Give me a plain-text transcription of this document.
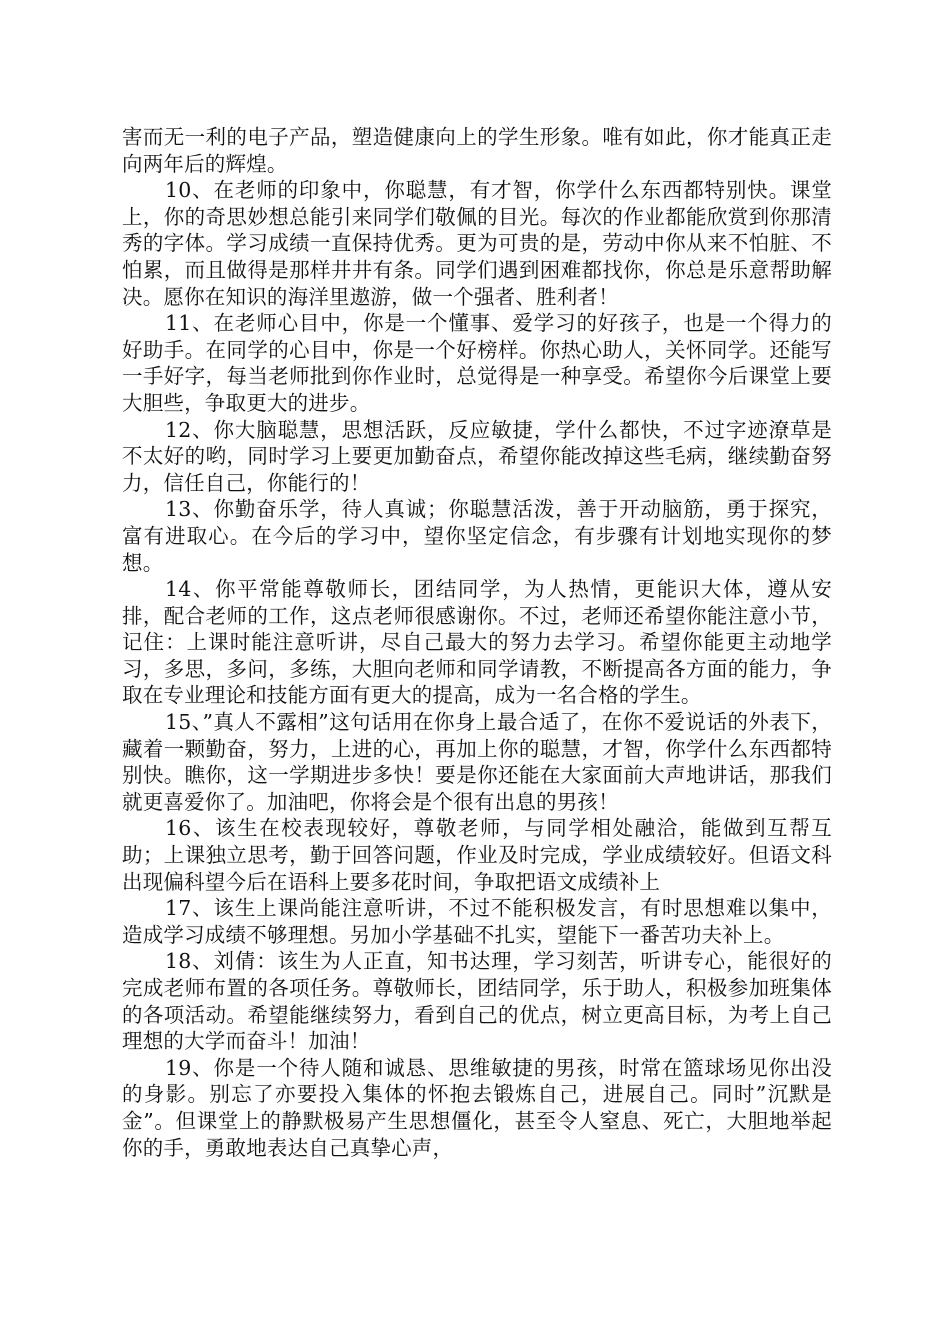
害而无一利的电子产品，塑造健康向上的学生形象。唯有如此，你才能真正走向两年后的辉煌。

10、在老师的印象中，你聪慧，有才智，你学什么东西都特别快。课堂上，你的奇思妙想总能引来同学们敬佩的目光。每次的作业都能欣赏到你那清秀的字体。学习成绩一直保持优秀。更为可贵的是，劳动中你从来不怕脏、不怕累，而且做得是那样井井有条。同学们遇到困难都找你，你总是乐意帮助解决。愿你在知识的海洋里遨游，做一个强者、胜利者！

11、在老师心目中，你是一个懂事、爱学习的好孩子，也是一个得力的好助手。在同学的心目中，你是一个好榜样。你热心助人，关怀同学。还能写一手好字，每当老师批到你作业时，总觉得是一种享受。希望你今后课堂上要大胆些，争取更大的进步。

12、你大脑聪慧，思想活跃，反应敏捷，学什么都快，不过字迹潦草是不太好的哟，同时学习上要更加勤奋点，希望你能改掉这些毛病，继续勤奋努力，信任自己，你能行的！

13、你勤奋乐学，待人真诚；你聪慧活泼，善于开动脑筋，勇于探究，富有进取心。在今后的学习中，望你坚定信念，有步骤有计划地实现你的梦想。

14、你平常能尊敬师长，团结同学，为人热情，更能识大体，遵从安排，配合老师的工作，这点老师很感谢你。不过，老师还希望你能注意小节，记住：上课时能注意听讲，尽自己最大的努力去学习。希望你能更主动地学习，多思，多问，多练，大胆向老师和同学请教，不断提高各方面的能力，争取在专业理论和技能方面有更大的提高，成为一名合格的学生。

15、”真人不露相”这句话用在你身上最合适了，在你不爱说话的外表下，藏着一颗勤奋，努力，上进的心，再加上你的聪慧，才智，你学什么东西都特别快。瞧你，这一学期进步多快！要是你还能在大家面前大声地讲话，那我们就更喜爱你了。加油吧，你将会是个很有出息的男孩！

16、该生在校表现较好，尊敬老师，与同学相处融洽，能做到互帮互助；上课独立思考，勤于回答问题，作业及时完成，学业成绩较好。但语文科出现偏科望今后在语科上要多花时间，争取把语文成绩补上

17、该生上课尚能注意听讲，不过不能积极发言，有时思想难以集中，造成学习成绩不够理想。另加小学基础不扎实，望能下一番苦功夫补上。

18、刘倩：该生为人正直，知书达理，学习刻苦，听讲专心，能很好的完成老师布置的各项任务。尊敬师长，团结同学，乐于助人，积极参加班集体的各项活动。希望能继续努力，看到自己的优点，树立更高目标，为考上自己理想的大学而奋斗！加油！

19、你是一个待人随和诚恳、思维敏捷的男孩，时常在篮球场见你出没的身影。别忘了亦要投入集体的怀抱去锻炼自己，进展自己。同时”沉默是金”。但课堂上的静默极易产生思想僵化，甚至令人窒息、死亡，大胆地举起你的手，勇敢地表达自己真挚心声，
